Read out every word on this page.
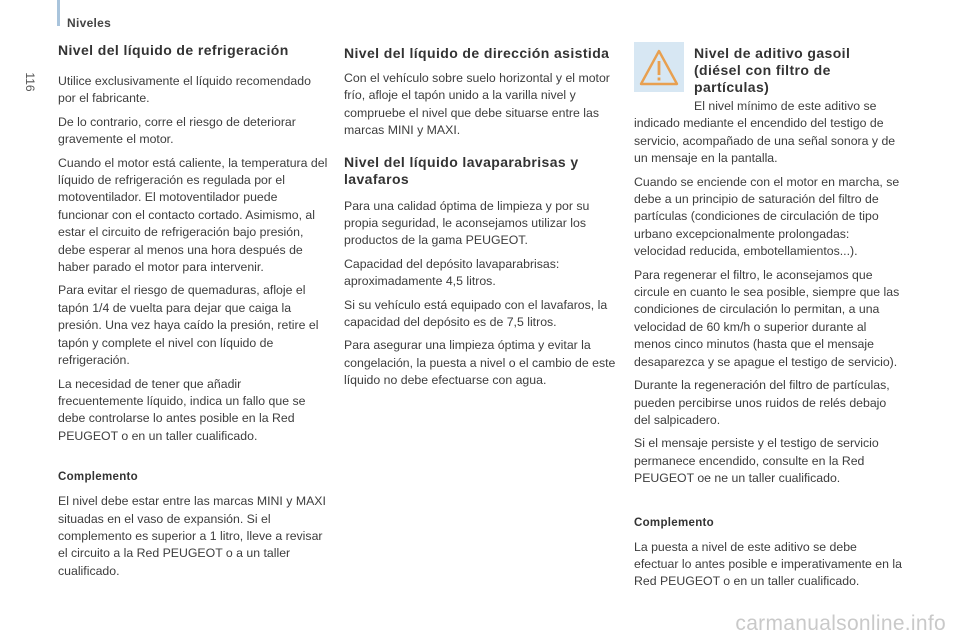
Niveles
116
Nivel del líquido de refrigeración

Utilice exclusivamente el líquido recomendado por el fabricante.

De lo contrario, corre el riesgo de deteriorar gravemente el motor.

Cuando el motor está caliente, la temperatura del líquido de refrigeración es regulada por el motoventilador. El motoventilador puede funcionar con el contacto cortado. Asimismo, al estar el circuito de refrigeración bajo presión, debe esperar al menos una hora después de haber parado el motor para intervenir.

Para evitar el riesgo de quemaduras, afloje el tapón 1/4 de vuelta para dejar que caiga la presión. Una vez haya caído la presión, retire el tapón y complete el nivel con líquido de refrigeración.

La necesidad de tener que añadir frecuentemente líquido, indica un fallo que se debe controlarse lo antes posible en la Red PEUGEOT o en un taller cualificado.

Complemento

El nivel debe estar entre las marcas MINI y MAXI situadas en el vaso de expansión. Si el complemento es superior a 1 litro, lleve a revisar el circuito a la Red PEUGEOT o a un taller cualificado.

Nivel del líquido de dirección asistida

Con el vehículo sobre suelo horizontal y el motor frío, afloje el tapón unido a la varilla nivel y compruebe el nivel que debe situarse entre las marcas MINI y MAXI.

Nivel del líquido lavaparabrisas y lavafaros

Para una calidad óptima de limpieza y por su propia seguridad, le aconsejamos utilizar los productos de la gama PEUGEOT.

Capacidad del depósito lavaparabrisas: aproximadamente 4,5 litros.

Si su vehículo está equipado con el lavafaros, la capacidad del depósito es de 7,5 litros.

Para asegurar una limpieza óptima y evitar la congelación, la puesta a nivel o el cambio de este líquido no debe efectuarse con agua.

Nivel de aditivo gasoil (diésel con filtro de partículas)

El nivel mínimo de este aditivo se indicado mediante el encendido del testigo de servicio, acompañado de una señal sonora y de un mensaje en la pantalla.

Cuando se enciende con el motor en marcha, se debe a un principio de saturación del filtro de partículas (condiciones de circulación de tipo urbano excepcionalmente prolongadas: velocidad reducida, embotellamientos...).

Para regenerar el filtro, le aconsejamos que circule en cuanto le sea posible, siempre que las condiciones de circulación lo permitan, a una velocidad de 60 km/h o superior durante al menos cinco minutos (hasta que el mensaje desaparezca y se apague el testigo de servicio).

Durante la regeneración del filtro de partículas, pueden percibirse unos ruidos de relés debajo del salpicadero.

Si el mensaje persiste y el testigo de servicio permanece encendido, consulte en la Red PEUGEOT oe ne un taller cualificado.

Complemento

La puesta a nivel de este aditivo se debe efectuar lo antes posible e imperativamente en la Red PEUGEOT o en un taller cualificado.

carmanualsonline.info
